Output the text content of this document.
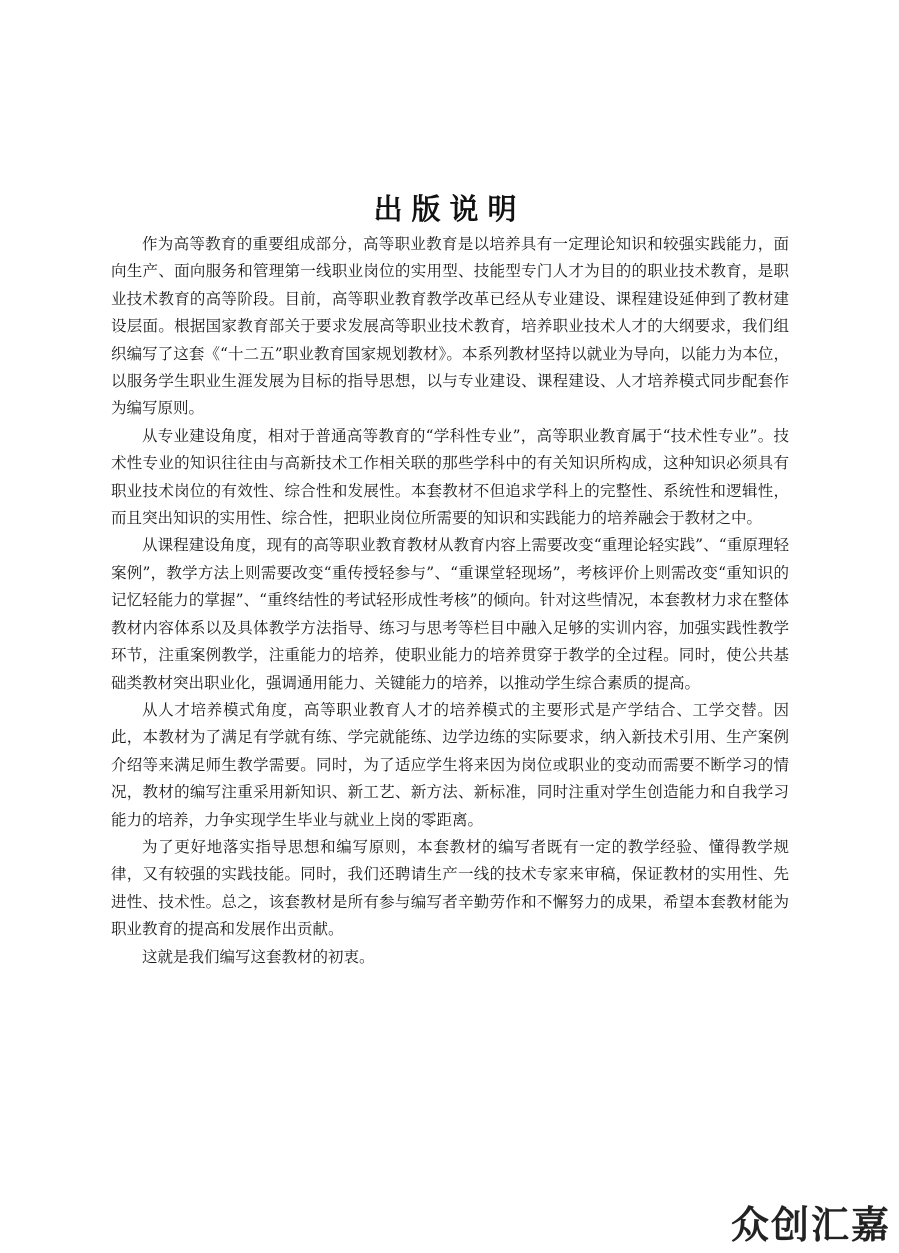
出版说明

作为高等教育的重要组成部分，高等职业教育是以培养具有一定理论知识和较强实践能力，面向生产、面向服务和管理第一线职业岗位的实用型、技能型专门人才为目的的职业技术教育，是职业技术教育的高等阶段。目前，高等职业教育教学改革已经从专业建设、课程建设延伸到了教材建设层面。根据国家教育部关于要求发展高等职业技术教育，培养职业技术人才的大纲要求，我们组织编写了这套《“十二五”职业教育国家规划教材》。本系列教材坚持以就业为导向，以能力为本位，以服务学生职业生涯发展为目标的指导思想，以与专业建设、课程建设、人才培养模式同步配套作为编写原则。

从专业建设角度，相对于普通高等教育的“学科性专业”，高等职业教育属于“技术性专业”。技术性专业的知识往往由与高新技术工作相关联的那些学科中的有关知识所构成，这种知识必须具有职业技术岗位的有效性、综合性和发展性。本套教材不但追求学科上的完整性、系统性和逻辑性，而且突出知识的实用性、综合性，把职业岗位所需要的知识和实践能力的培养融会于教材之中。

从课程建设角度，现有的高等职业教育教材从教育内容上需要改变“重理论轻实践”、“重原理轻案例”，教学方法上则需要改变“重传授轻参与”、“重课堂轻现场”，考核评价上则需改变“重知识的记忆轻能力的掌握”、“重终结性的考试轻形成性考核”的倾向。针对这些情况，本套教材力求在整体教材内容体系以及具体教学方法指导、练习与思考等栏目中融入足够的实训内容，加强实践性教学环节，注重案例教学，注重能力的培养，使职业能力的培养贯穿于教学的全过程。同时，使公共基础类教材突出职业化，强调通用能力、关键能力的培养，以推动学生综合素质的提高。

从人才培养模式角度，高等职业教育人才的培养模式的主要形式是产学结合、工学交替。因此，本教材为了满足有学就有练、学完就能练、边学边练的实际要求，纳入新技术引用、生产案例介绍等来满足师生教学需要。同时，为了适应学生将来因为岗位或职业的变动而需要不断学习的情况，教材的编写注重采用新知识、新工艺、新方法、新标准，同时注重对学生创造能力和自我学习能力的培养，力争实现学生毕业与就业上岗的零距离。

为了更好地落实指导思想和编写原则，本套教材的编写者既有一定的教学经验、懂得教学规律，又有较强的实践技能。同时，我们还聘请生产一线的技术专家来审稿，保证教材的实用性、先进性、技术性。总之，该套教材是所有参与编写者辛勤劳作和不懈努力的成果，希望本套教材能为职业教育的提高和发展作出贡献。

这就是我们编写这套教材的初衷。

众创汇嘉
